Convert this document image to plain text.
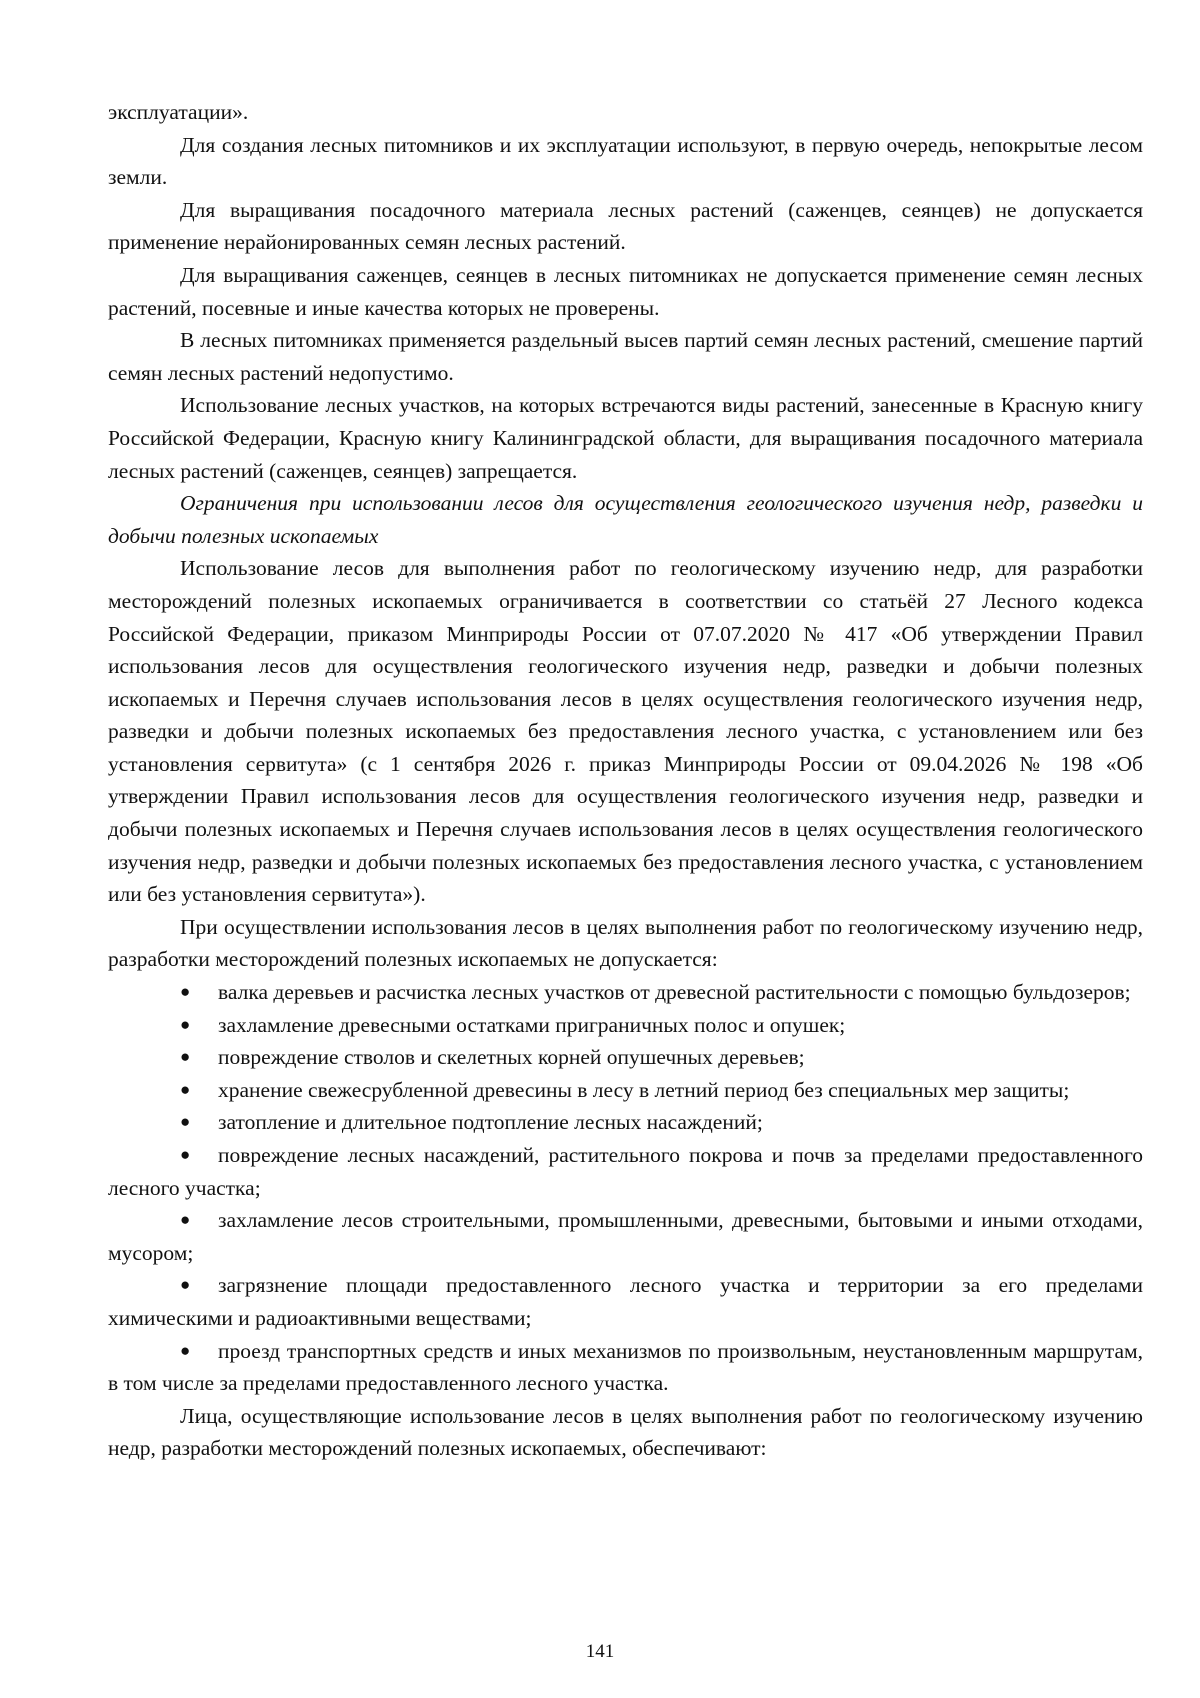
эксплуатации».

Для создания лесных питомников и их эксплуатации используют, в первую очередь, непокрытые лесом земли.

Для выращивания посадочного материала лесных растений (саженцев, сеянцев) не допускается применение нерайонированных семян лесных растений.

Для выращивания саженцев, сеянцев в лесных питомниках не допускается применение семян лесных растений, посевные и иные качества которых не проверены.

В лесных питомниках применяется раздельный высев партий семян лесных растений, смешение партий семян лесных растений недопустимо.

Использование лесных участков, на которых встречаются виды растений, занесенные в Красную книгу Российской Федерации, Красную книгу Калининградской области, для выращивания посадочного материала лесных растений (саженцев, сеянцев) запрещается.

Ограничения при использовании лесов для осуществления геологического изучения недр, разведки и добычи полезных ископаемых

Использование лесов для выполнения работ по геологическому изучению недр, для разработки месторождений полезных ископаемых ограничивается в соответствии со статьёй 27 Лесного кодекса Российской Федерации, приказом Минприроды России от 07.07.2020 № 417 «Об утверждении Правил использования лесов для осуществления геологического изучения недр, разведки и добычи полезных ископаемых и Перечня случаев использования лесов в целях осуществления геологического изучения недр, разведки и добычи полезных ископаемых без предоставления лесного участка, с установлением или без установления сервитута» (с 1 сентября 2026 г. приказ Минприроды России от 09.04.2026 № 198 «Об утверждении Правил использования лесов для осуществления геологического изучения недр, разведки и добычи полезных ископаемых и Перечня случаев использования лесов в целях осуществления геологического изучения недр, разведки и добычи полезных ископаемых без предоставления лесного участка, с установлением или без установления сервитута»).

При осуществлении использования лесов в целях выполнения работ по геологическому изучению недр, разработки месторождений полезных ископаемых не допускается:

● валка деревьев и расчистка лесных участков от древесной растительности с помощью бульдозеров;

● захламление древесными остатками приграничных полос и опушек;

● повреждение стволов и скелетных корней опушечных деревьев;

● хранение свежесрубленной древесины в лесу в летний период без специальных мер защиты;

● затопление и длительное подтопление лесных насаждений;

● повреждение лесных насаждений, растительного покрова и почв за пределами предоставленного лесного участка;

● захламление лесов строительными, промышленными, древесными, бытовыми и иными отходами, мусором;

● загрязнение площади предоставленного лесного участка и территории за его пределами химическими и радиоактивными веществами;

● проезд транспортных средств и иных механизмов по произвольным, неустановленным маршрутам, в том числе за пределами предоставленного лесного участка.

Лица, осуществляющие использование лесов в целях выполнения работ по геологическому изучению недр, разработки месторождений полезных ископаемых, обеспечивают:

141
